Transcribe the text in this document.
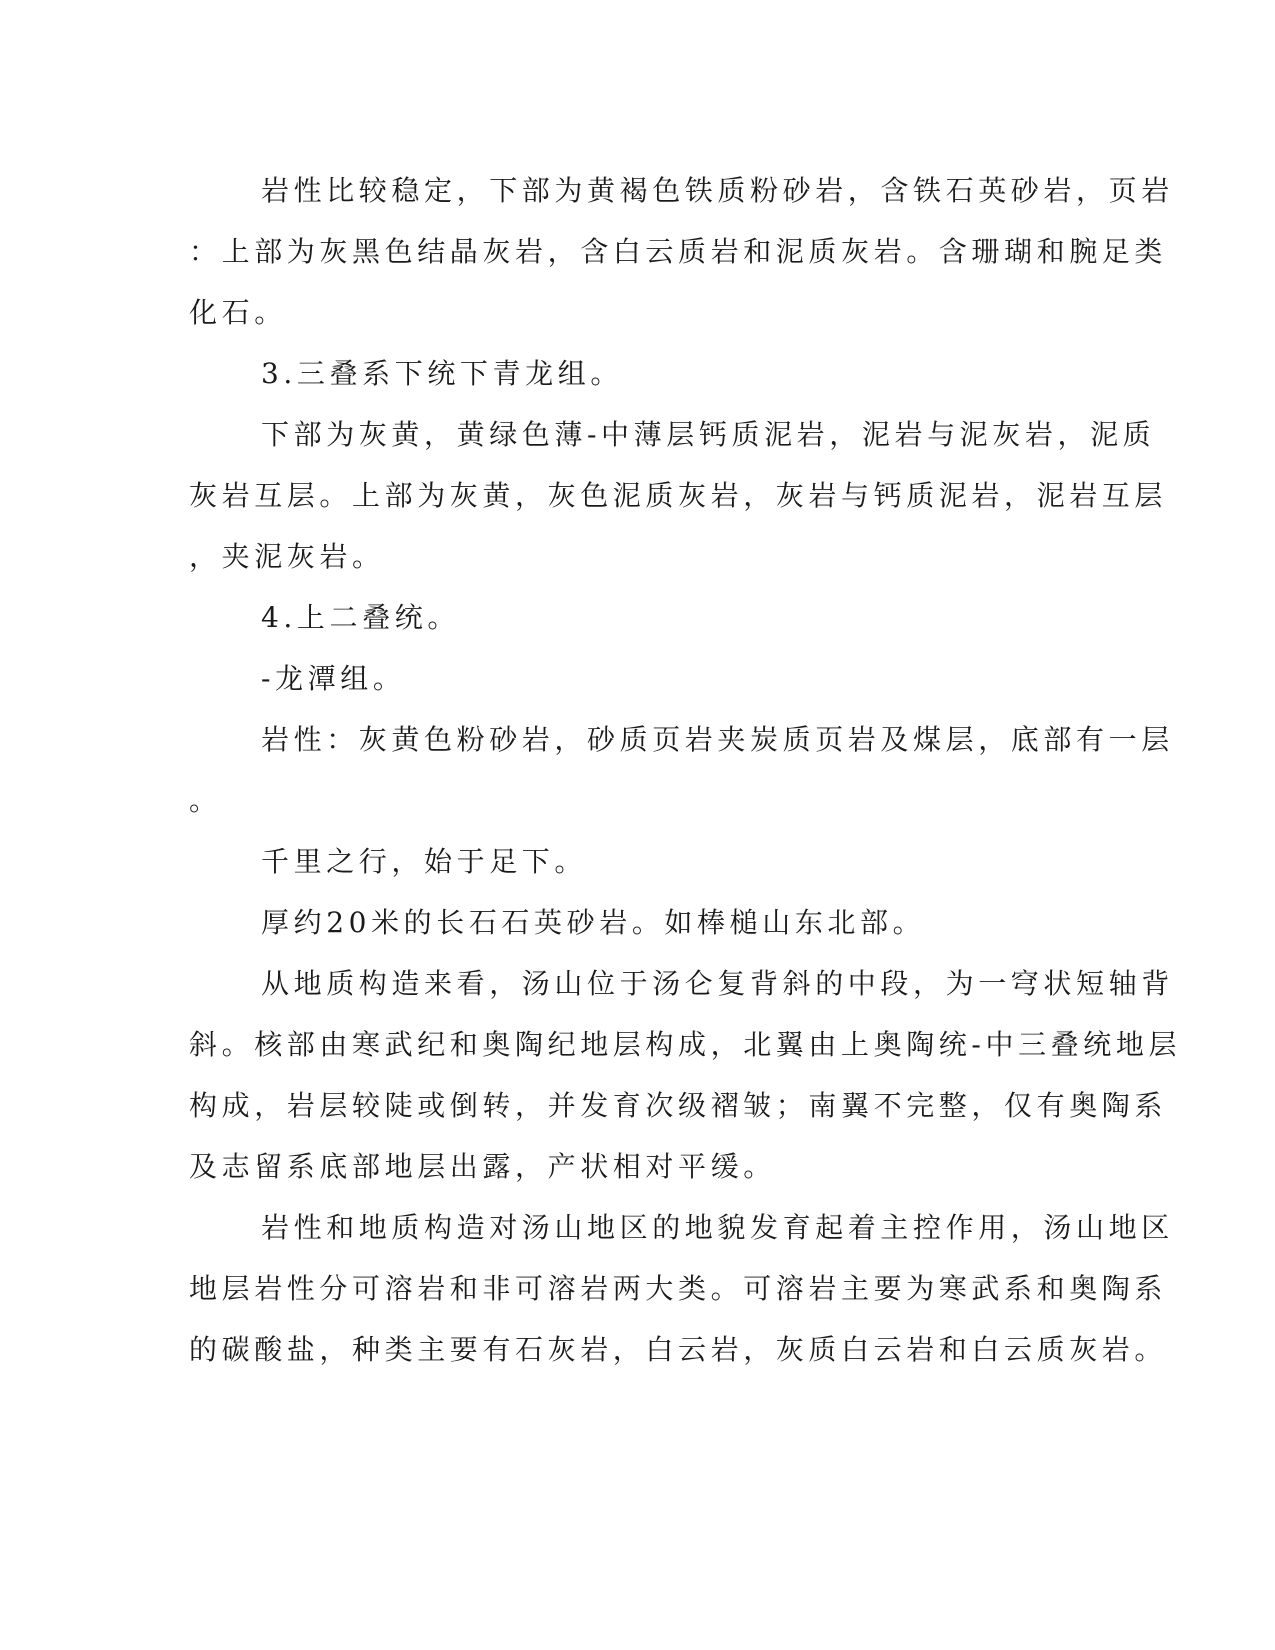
岩性比较稳定，下部为黄褐色铁质粉砂岩，含铁石英砂岩，页岩
：上部为灰黑色结晶灰岩，含白云质岩和泥质灰岩。含珊瑚和腕足类
化石。
3.三叠系下统下青龙组。
下部为灰黄，黄绿色薄-中薄层钙质泥岩，泥岩与泥灰岩，泥质
灰岩互层。上部为灰黄，灰色泥质灰岩，灰岩与钙质泥岩，泥岩互层
，夹泥灰岩。
4.上二叠统。
-龙潭组。
岩性：灰黄色粉砂岩，砂质页岩夹炭质页岩及煤层，底部有一层
。
千里之行，始于足下。
厚约20米的长石石英砂岩。如棒槌山东北部。
从地质构造来看，汤山位于汤仑复背斜的中段，为一穹状短轴背
斜。核部由寒武纪和奥陶纪地层构成，北翼由上奥陶统-中三叠统地层
构成，岩层较陡或倒转，并发育次级褶皱；南翼不完整，仅有奥陶系
及志留系底部地层出露，产状相对平缓。
岩性和地质构造对汤山地区的地貌发育起着主控作用，汤山地区
地层岩性分可溶岩和非可溶岩两大类。可溶岩主要为寒武系和奥陶系
的碳酸盐，种类主要有石灰岩，白云岩，灰质白云岩和白云质灰岩。
